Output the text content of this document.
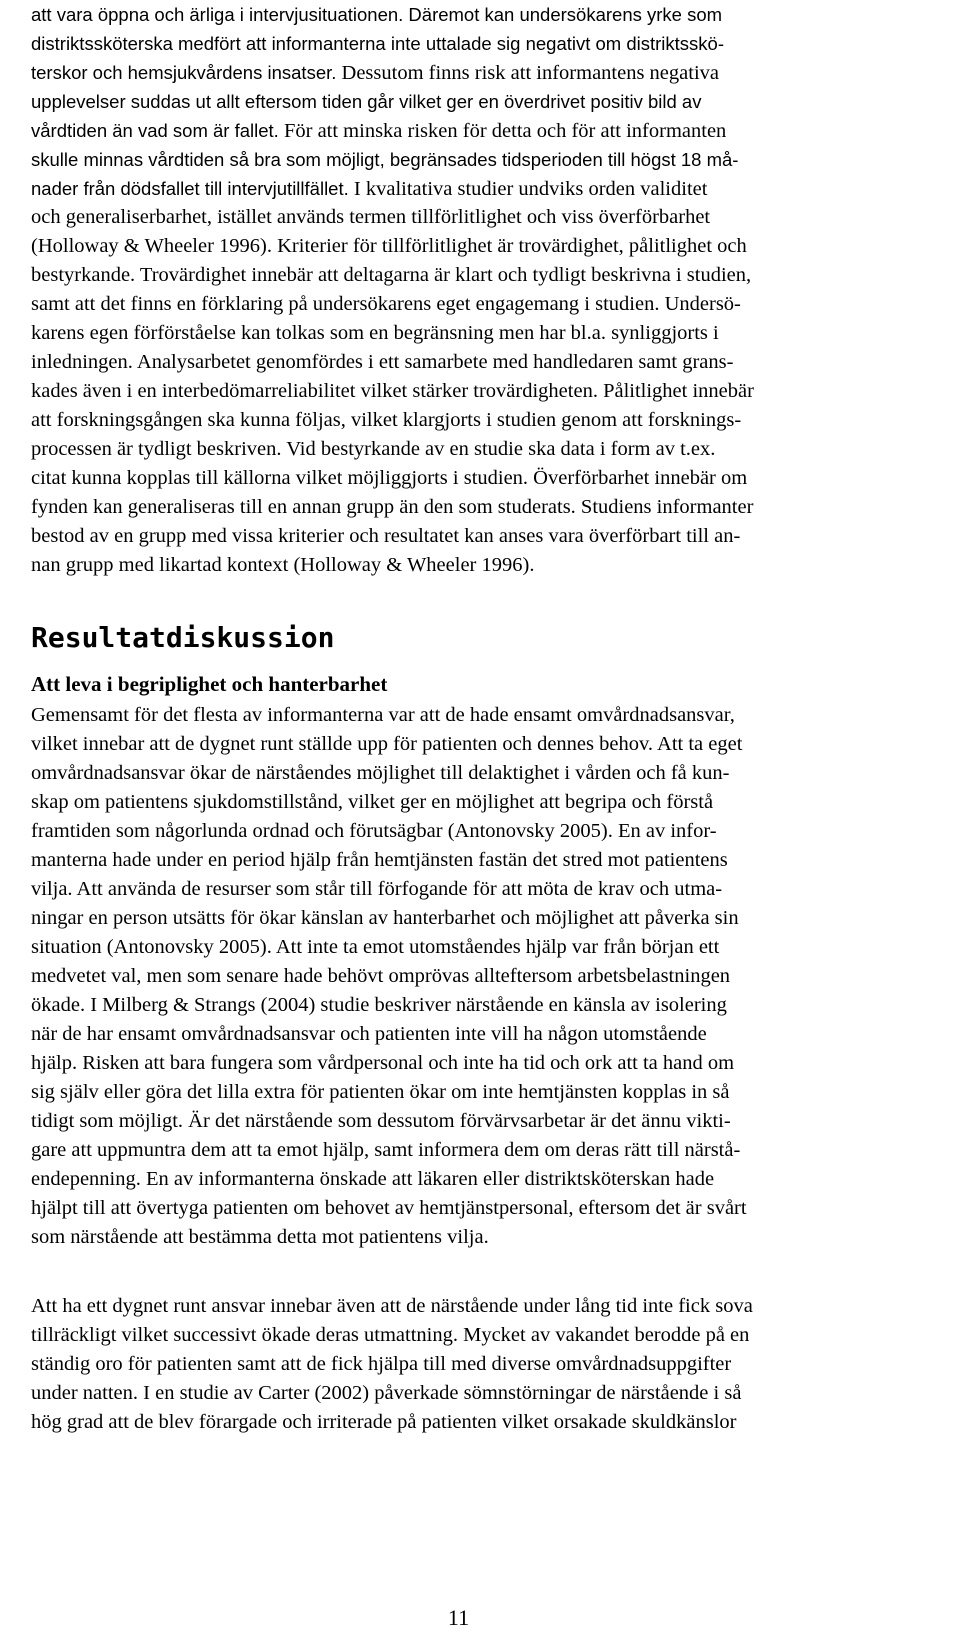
att vara öppna och ärliga i intervjusituationen. Däremot kan undersökarens yrke som
distriktssköterska medfört att informanterna inte uttalade sig negativt om distriktsskö-
terskor och hemsjukvårdens insatser. Dessutom finns risk att informantens negativa
upplevelser suddas ut allt eftersom tiden går vilket ger en överdrivet positiv bild av
vårdtiden än vad som är fallet. För att minska risken för detta och för att informanten
skulle minnas vårdtiden så bra som möjligt, begränsades tidsperioden till högst 18 må-
nader från dödsfallet till intervjutillfället. I kvalitativa studier undviks orden validitet
och generaliserbarhet, istället används termen tillförlitlighet och viss överförbarhet
(Holloway & Wheeler 1996). Kriterier för tillförlitlighet är trovärdighet, pålitlighet och
bestyrkande. Trovärdighet innebär att deltagarna är klart och tydligt beskrivna i studien,
samt att det finns en förklaring på undersökarens eget engagemang i studien. Undersö-
karens egen förförståelse kan tolkas som en begränsning men har bl.a. synliggjorts i
inledningen. Analysarbetet genomfördes i ett samarbete med handledaren samt grans-
kades även i en interbedömarreliabilitet vilket stärker trovärdigheten. Pålitlighet innebär
att forskningsgången ska kunna följas, vilket klargjorts i studien genom att forsknings-
processen är tydligt beskriven. Vid bestyrkande av en studie ska data i form av t.ex.
citat kunna kopplas till källorna vilket möjliggjorts i studien. Överförbarhet innebär om
fynden kan generaliseras till en annan grupp än den som studerats. Studiens informanter
bestod av en grupp med vissa kriterier och resultatet kan anses vara överförbart till an-
nan grupp med likartad kontext (Holloway & Wheeler 1996).
Resultatdiskussion
Att leva i begriplighet och hanterbarhet
Gemensamt för det flesta av informanterna var att de hade ensamt omvårdnadsansvar,
vilket innebar att de dygnet runt ställde upp för patienten och dennes behov. Att ta eget
omvårdnadsansvar ökar de närståendes möjlighet till delaktighet i vården och få kun-
skap om patientens sjukdomstillstånd, vilket ger en möjlighet att begripa och förstå
framtiden som någorlunda ordnad och förutsägbar (Antonovsky 2005). En av infor-
manterna hade under en period hjälp från hemtjänsten fastän det stred mot patientens
vilja. Att använda de resurser som står till förfogande för att möta de krav och utma-
ningar en person utsätts för ökar känslan av hanterbarhet och möjlighet att påverka sin
situation (Antonovsky 2005). Att inte ta emot utomståendes hjälp var från början ett
medvetet val, men som senare hade behövt omprövas allteftersom arbetsbelastningen
ökade. I Milberg & Strangs (2004) studie beskriver närstående en känsla av isolering
när de har ensamt omvårdnadsansvar och patienten inte vill ha någon utomstående
hjälp. Risken att bara fungera som vårdpersonal och inte ha tid och ork att ta hand om
sig själv eller göra det lilla extra för patienten ökar om inte hemtjänsten kopplas in så
tidigt som möjligt. Är det närstående som dessutom förvärvsarbetar är det ännu vikti-
gare att uppmuntra dem att ta emot hjälp, samt informera dem om deras rätt till närstå-
endepenning. En av informanterna önskade att läkaren eller distriktsköterskan hade
hjälpt till att övertyga patienten om behovet av hemtjänstpersonal, eftersom det är svårt
som närstående att bestämma detta mot patientens vilja.
Att ha ett dygnet runt ansvar innebar även att de närstående under lång tid inte fick sova
tillräckligt vilket successivt ökade deras utmattning. Mycket av vakandet berodde på en
ständig oro för patienten samt att de fick hjälpa till med diverse omvårdnadsuppgifter
under natten. I en studie av Carter (2002) påverkade sömnstörningar de närstående i så
hög grad att de blev förargade och irriterade på patienten vilket orsakade skuldkänslor
11
